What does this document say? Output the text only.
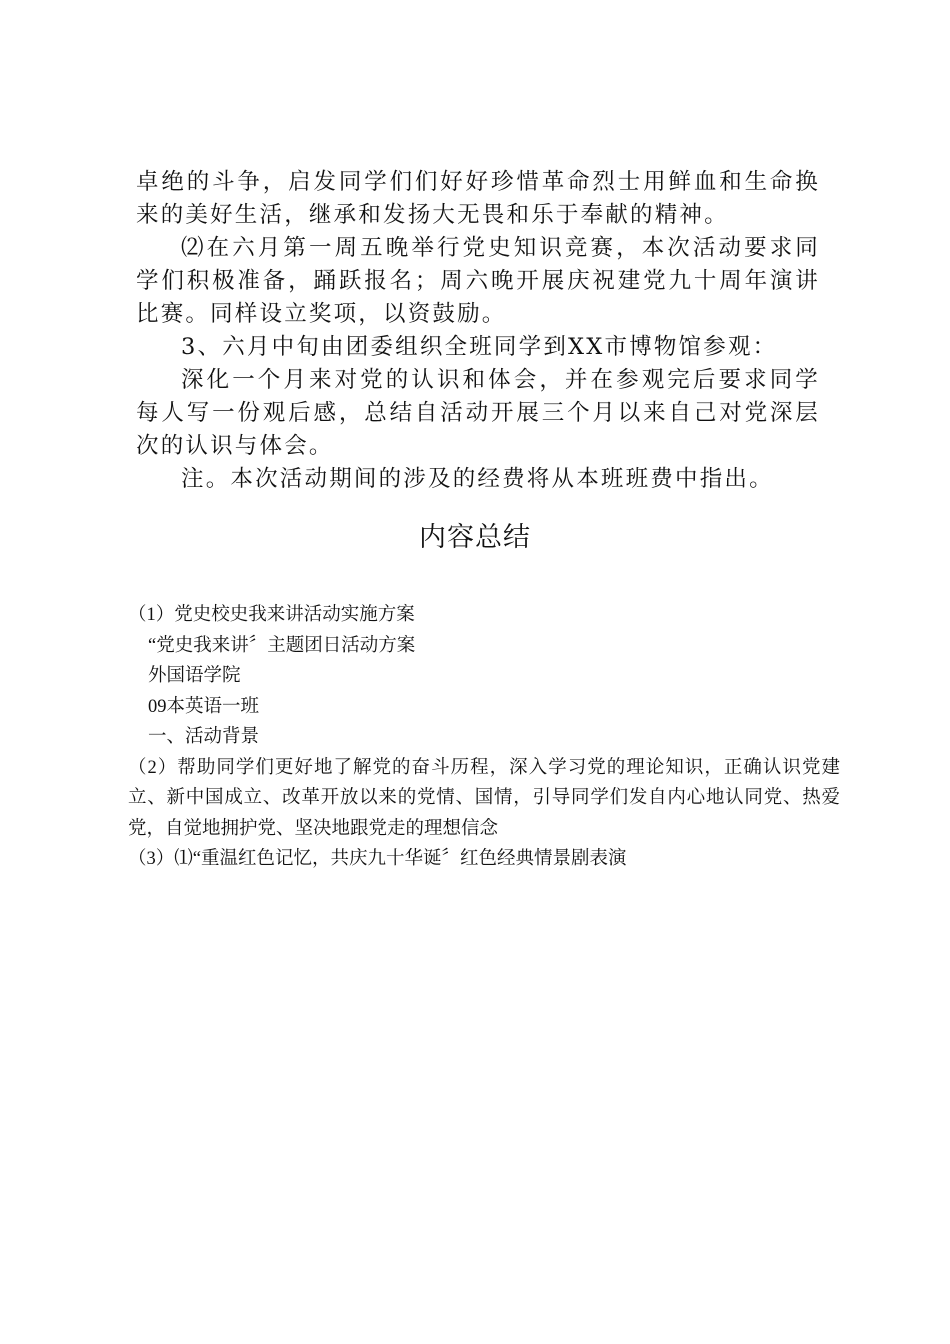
卓绝的斗争，启发同学们们好好珍惜革命烈士用鲜血和生命换来的美好生活，继承和发扬大无畏和乐于奉献的精神。

⑵在六月第一周五晚举行党史知识竞赛，本次活动要求同学们积极准备，踊跃报名；周六晚开展庆祝建党九十周年演讲比赛。同样设立奖项，以资鼓励。

3、六月中旬由团委组织全班同学到XX市博物馆参观：

深化一个月来对党的认识和体会，并在参观完后要求同学每人写一份观后感，总结自活动开展三个月以来自己对党深层次的认识与体会。

注。本次活动期间的涉及的经费将从本班班费中指出。

内容总结

（1）党史校史我来讲活动实施方案

“党史我来讲〞主题团日活动方案

外国语学院

09本英语一班

一、活动背景

（2）帮助同学们更好地了解党的奋斗历程，深入学习党的理论知识，正确认识党建立、新中国成立、改革开放以来的党情、国情，引导同学们发自内心地认同党、热爱党，自觉地拥护党、坚决地跟党走的理想信念

（3）⑴“重温红色记忆，共庆九十华诞〞红色经典情景剧表演
